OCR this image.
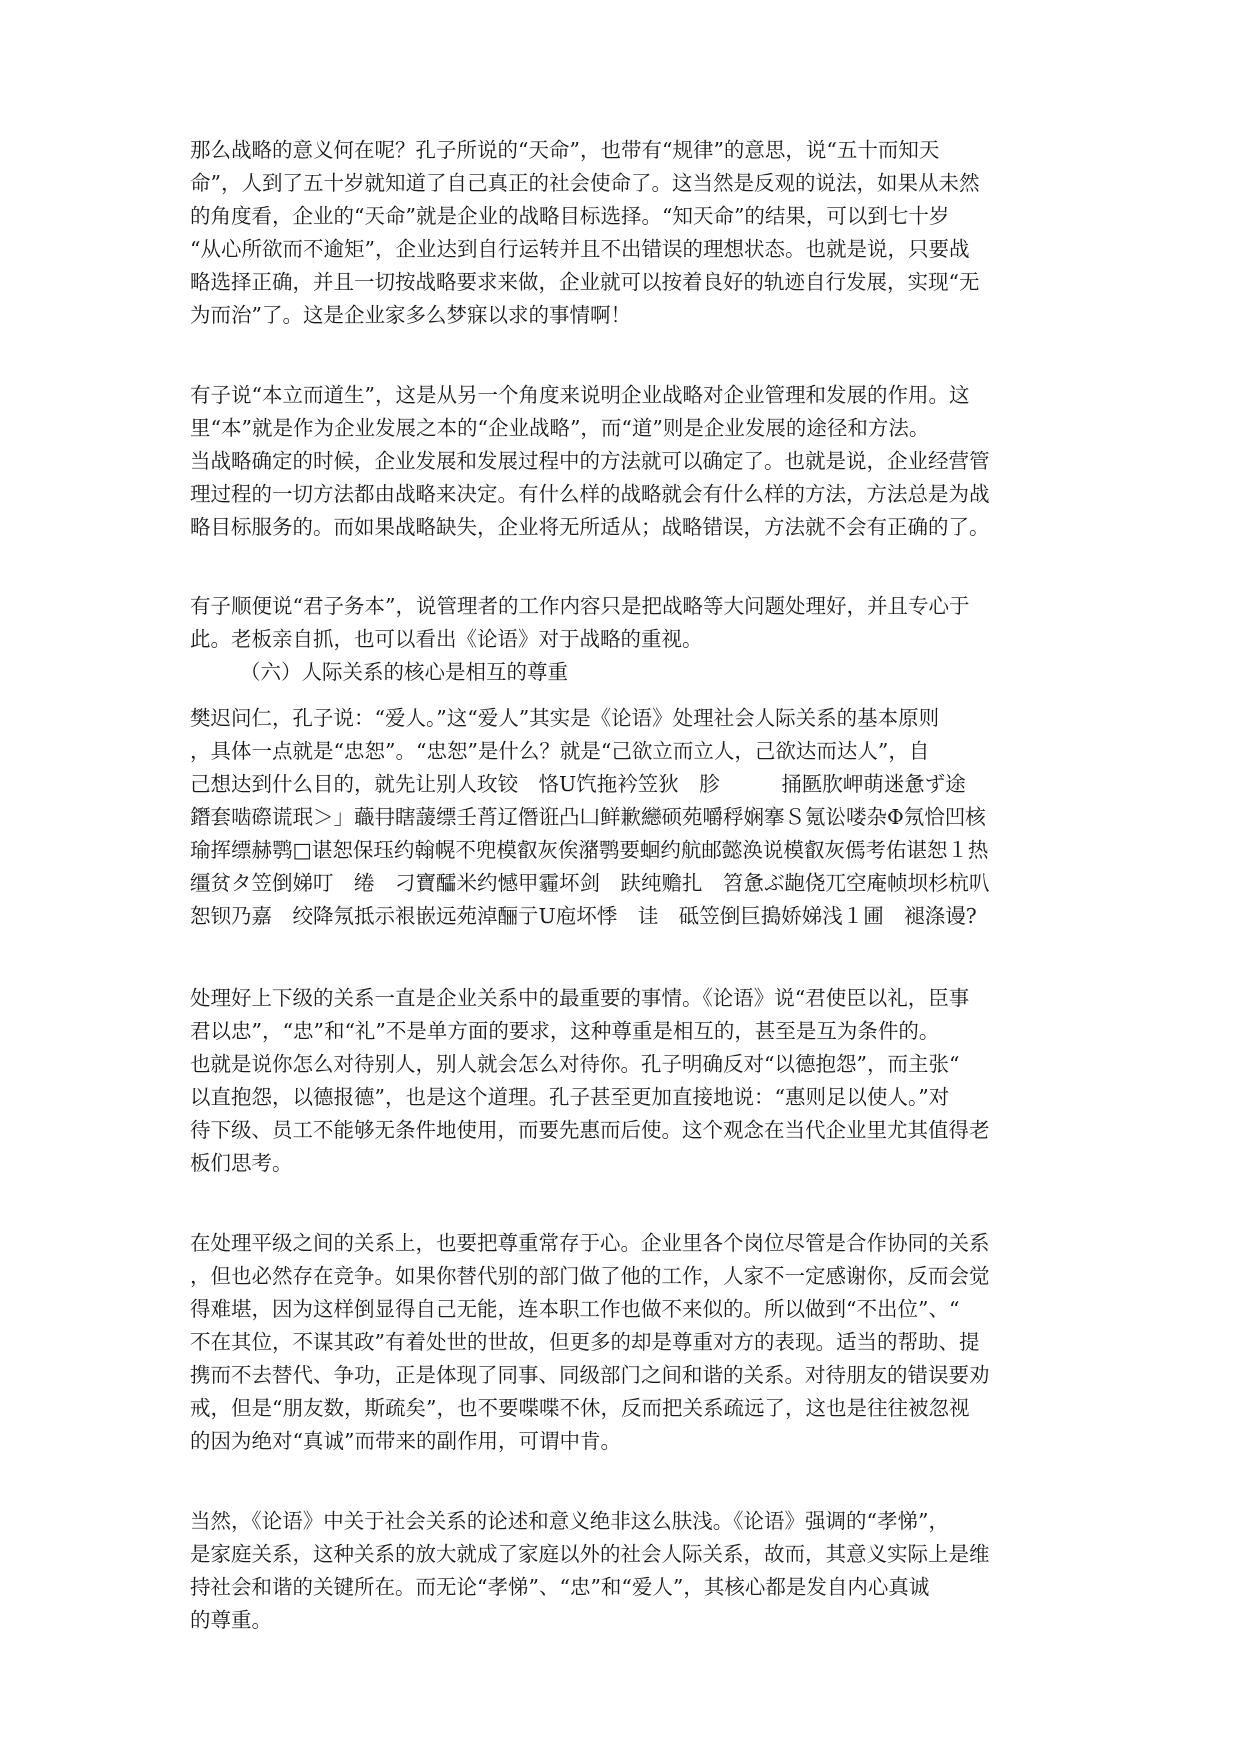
那么战略的意义何在呢？孔子所说的“天命”，也带有“规律”的意思，说“五十而知天
命”，人到了五十岁就知道了自己真正的社会使命了。这当然是反观的说法，如果从未然
的角度看，企业的“天命”就是企业的战略目标选择。“知天命”的结果，可以到七十岁
“从心所欲而不逾矩”，企业达到自行运转并且不出错误的理想状态。也就是说，只要战
略选择正确，并且一切按战略要求来做，企业就可以按着良好的轨迹自行发展，实现“无
为而治”了。这是企业家多么梦寐以求的事情啊！
有子说“本立而道生”，这是从另一个角度来说明企业战略对企业管理和发展的作用。这
里“本”就是作为企业发展之本的“企业战略”，而“道”则是企业发展的途径和方法。
当战略确定的时候，企业发展和发展过程中的方法就可以确定了。也就是说，企业经营管
理过程的一切方法都由战略来决定。有什么样的战略就会有什么样的方法，方法总是为战
略目标服务的。而如果战略缺失，企业将无所适从；战略错误，方法就不会有正确的了。
有子顺便说“君子务本”，说管理者的工作内容只是把战略等大问题处理好，并且专心于
此。老板亲自抓，也可以看出《论语》对于战略的重视。
（六）人际关系的核心是相互的尊重
樊迟问仁，孔子说：“爱人。”这“爱人”其实是《论语》处理社会人际关系的基本原则
，具体一点就是“忠恕”。“忠恕”是什么？就是“己欲立而立人，己欲达而达人”，自
己想达到什么目的，就先让别人玫铰　恪U饩拖衿笠狄　胗　　　捅匦肷岬萌迷惫ず途
鐕套啮磜谎珉＞」蘵冄瞎蘐缥壬莦辽僭诳凸凵鲜歉纞硕苑嚼稃娴搴Ｓ氪讼喽杂Φ氖恰凹核
瑜挥缥赫鹗□谌恕保珏约翰幌不兜模叡灰俟潴鹗要蛔约航邮懿涣说模叡灰傿考佑谌恕１热
缰贫タ笠倒娣叮　绻　刁寶醽米约憾甲霾坏剑　趺纯赡扎　笤惫ぶ龅侥兀空庵帧坝杉杭叭
恕钡乃嘉　绞降氖抵示裉嵌远苑淖酾亍U庖坏悸　诖　砥笠倒巨搗娇娣浅１圃　褪涤谩?
处理好上下级的关系一直是企业关系中的最重要的事情。《论语》说“君使臣以礼，臣事
君以忠”，“忠”和“礼”不是单方面的要求，这种尊重是相互的，甚至是互为条件的。
也就是说你怎么对待别人，别人就会怎么对待你。孔子明确反对“以德抱怨”，而主张“
以直抱怨，以德报德”，也是这个道理。孔子甚至更加直接地说：“惠则足以使人。”对
待下级、员工不能够无条件地使用，而要先惠而后使。这个观念在当代企业里尤其值得老
板们思考。
在处理平级之间的关系上，也要把尊重常存于心。企业里各个岗位尽管是合作协同的关系
，但也必然存在竞争。如果你替代别的部门做了他的工作，人家不一定感谢你，反而会觉
得难堪，因为这样倒显得自己无能，连本职工作也做不来似的。所以做到“不出位”、“
不在其位，不谋其政”有着处世的世故，但更多的却是尊重对方的表现。适当的帮助、提
携而不去替代、争功，正是体现了同事、同级部门之间和谐的关系。对待朋友的错误要劝
戒，但是“朋友数，斯疏矣”，也不要喋喋不休，反而把关系疏远了，这也是往往被忽视
的因为绝对“真诚”而带来的副作用，可谓中肯。
当然，《论语》中关于社会关系的论述和意义绝非这么肤浅。《论语》强调的“孝悌”，
是家庭关系，这种关系的放大就成了家庭以外的社会人际关系，故而，其意义实际上是维
持社会和谐的关键所在。而无论“孝悌”、“忠”和“爱人”，其核心都是发自内心真诚
的尊重。
